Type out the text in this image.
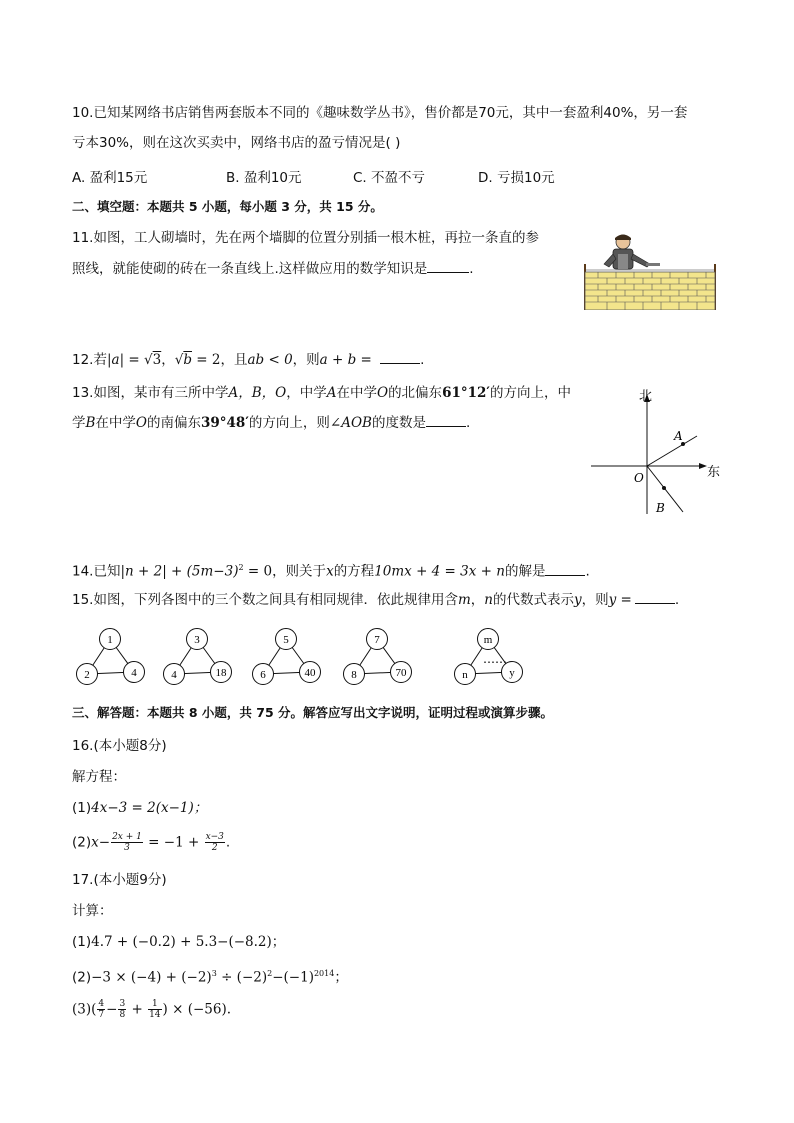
10.已知某网络书店销售两套版本不同的《趣味数学丛书》，售价都是70元，其中一套盈利40%，另一套
亏本30%，则在这次买卖中，网络书店的盈亏情况是( )
A. 盈利15元	B. 盈利10元	C. 不盈不亏	D. 亏损10元
二、填空题：本题共 5 小题，每小题 3 分，共 15 分。
11.如图，工人砌墙时，先在两个墙脚的位置分别插一根木桩，再拉一条直的参
照线，就能使砌的砖在一条直线上.这样做应用的数学知识是	.
12.若|a| = √3，√b = 2，且ab < 0，则a + b =	.
13.如图，某市有三所中学A，B，O，中学A在中学O的北偏东61°12′的方向上，中
学B在中学O的南偏东39°48′的方向上，则∠AOB的度数是	.
北
东
A
B
O
14.已知$|n + 2| + (5m-3)^2 = 0$，则关于x的方程10mx + 4 = 3x + n的解是	.
15.如图，下列各图中的三个数之间具有相同规律．依此规律用含m，n的代数式表示y，则y =	.
1
2	4
3
4	18
5
6	40
7
8	70
m
n	y
……
三、解答题：本题共 8 小题，共 75 分。解答应写出文字说明，证明过程或演算步骤。
16.(本小题8分)
解方程：
(1)4x−3 = 2(x−1)；
$(2)x- \frac{2x + 1}{3} = -1 + \frac{x-3}{2}$ .
17.(本小题9分)
计算：
(1)4.7 + (−0.2) + 5.3−(−8.2)；
$(2)-3 \times (-4) + (-2)^3 \div (-2)^2-(-1)^{2014}$；
$(3)( \frac{4}{7} - \frac{3}{8} + \frac{1}{14}$ ) × (−56).
